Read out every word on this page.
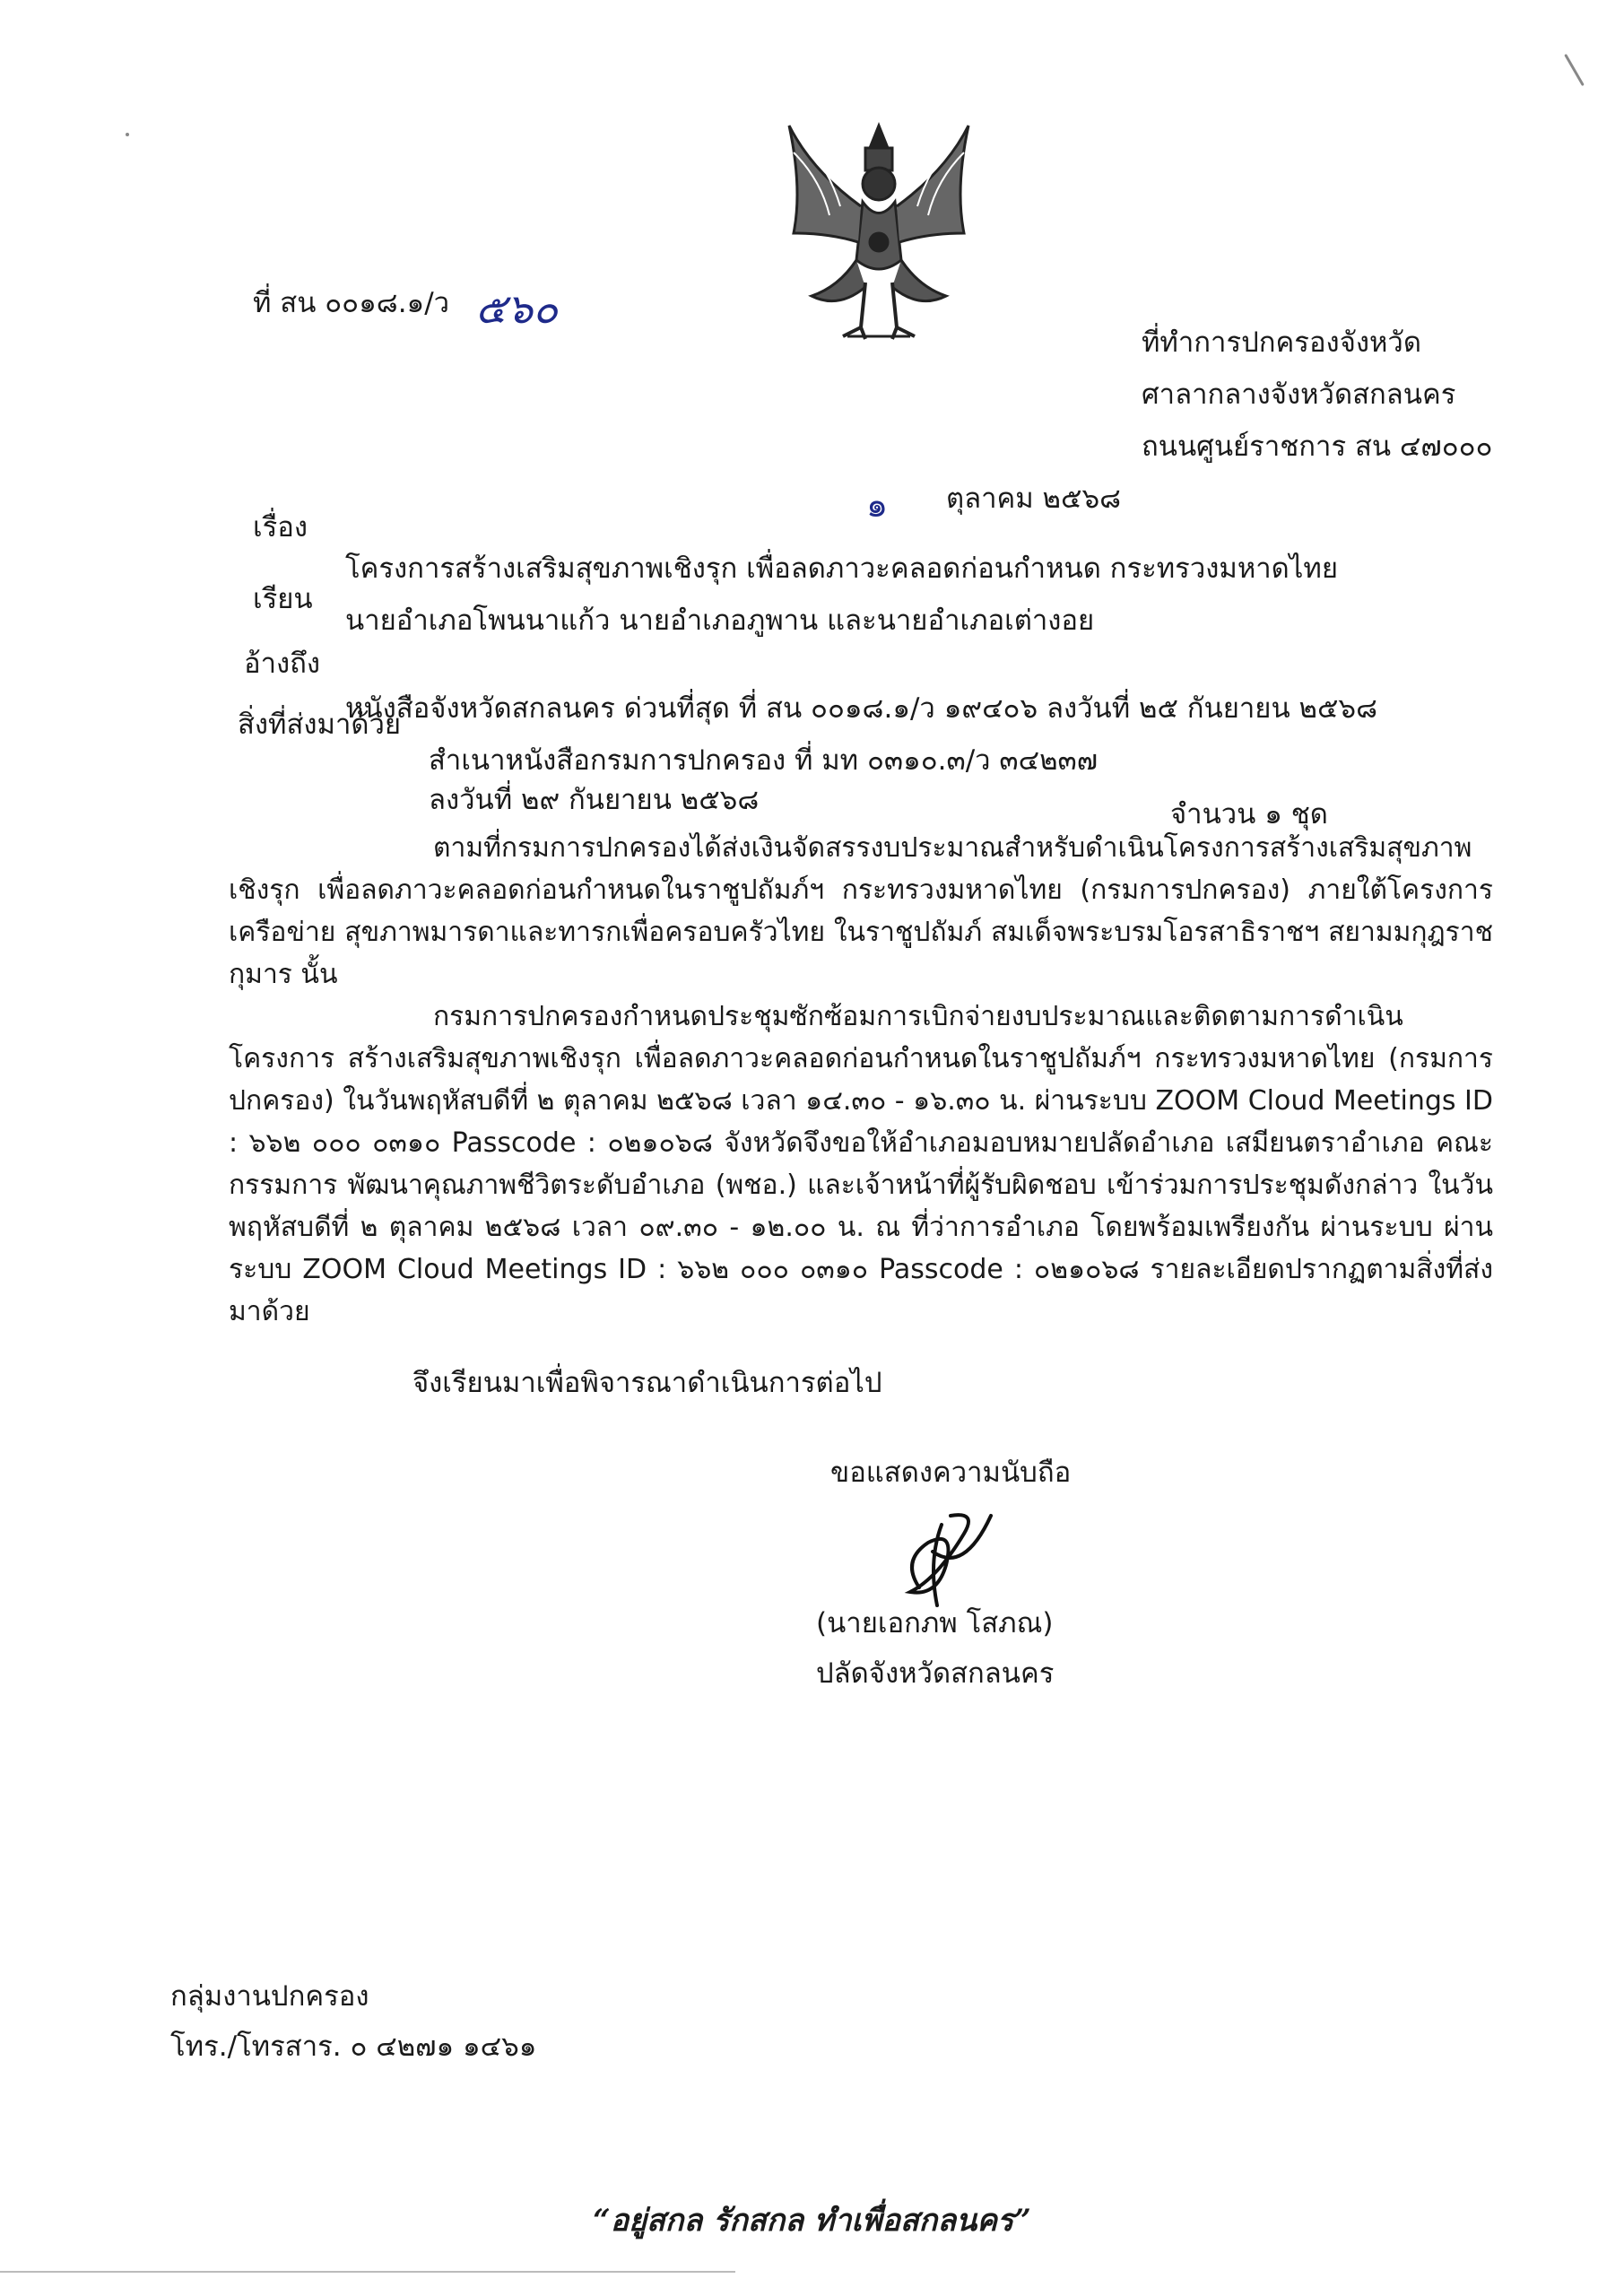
ที่ สน ๐๐๑๘.๑/ว ๕๖๐
ที่ทำการปกครองจังหวัด
ศาลากลางจังหวัดสกลนคร
ถนนศูนย์ราชการ สน ๔๗๐๐๐
๑ ตุลาคม ๒๕๖๘
เรื่อง
โครงการสร้างเสริมสุขภาพเชิงรุก เพื่อลดภาวะคลอดก่อนกำหนด กระทรวงมหาดไทย
เรียน
นายอำเภอโพนนาแก้ว นายอำเภอภูพาน และนายอำเภอเต่างอย
อ้างถึง
หนังสือจังหวัดสกลนคร ด่วนที่สุด ที่ สน ๐๐๑๘.๑/ว ๑๙๔๐๖ ลงวันที่ ๒๕ กันยายน ๒๕๖๘
สิ่งที่ส่งมาด้วย
สำเนาหนังสือกรมการปกครอง ที่ มท ๐๓๑๐.๓/ว ๓๔๒๓๗
ลงวันที่ ๒๙ กันยายน ๒๕๖๘	จำนวน ๑ ชุด
ตามที่กรมการปกครองได้ส่งเงินจัดสรรงบประมาณสำหรับดำเนินโครงการสร้างเสริมสุขภาพเชิงรุก เพื่อลดภาวะคลอดก่อนกำหนดในราชูปถัมภ์ฯ กระทรวงมหาดไทย (กรมการปกครอง) ภายใต้โครงการเครือข่าย สุขภาพมารดาและทารกเพื่อครอบครัวไทย ในราชูปถัมภ์ สมเด็จพระบรมโอรสาธิราชฯ สยามมกุฎราชกุมาร นั้น
กรมการปกครองกำหนดประชุมซักซ้อมการเบิกจ่ายงบประมาณและติดตามการดำเนินโครงการ สร้างเสริมสุขภาพเชิงรุก เพื่อลดภาวะคลอดก่อนกำหนดในราชูปถัมภ์ฯ กระทรวงมหาดไทย (กรมการปกครอง) ในวันพฤหัสบดีที่ ๒ ตุลาคม ๒๕๖๘ เวลา ๑๔.๓๐ - ๑๖.๓๐ น. ผ่านระบบ ZOOM Cloud Meetings ID : ๖๖๒ ๐๐๐ ๐๓๑๐ Passcode : ๐๒๑๐๖๘ จังหวัดจึงขอให้อำเภอมอบหมายปลัดอำเภอ เสมียนตราอำเภอ คณะกรรมการ พัฒนาคุณภาพชีวิตระดับอำเภอ (พชอ.) และเจ้าหน้าที่ผู้รับผิดชอบ เข้าร่วมการประชุมดังกล่าว ในวันพฤหัสบดีที่ ๒ ตุลาคม ๒๕๖๘ เวลา ๐๙.๓๐ - ๑๒.๐๐ น. ณ ที่ว่าการอำเภอ โดยพร้อมเพรียงกัน ผ่านระบบ ผ่านระบบ ZOOM Cloud Meetings ID : ๖๖๒ ๐๐๐ ๐๓๑๐ Passcode : ๐๒๑๐๖๘ รายละเอียดปรากฏตามสิ่งที่ส่งมาด้วย
จึงเรียนมาเพื่อพิจารณาดำเนินการต่อไป
ขอแสดงความนับถือ
(นายเอกภพ โสภณ)
ปลัดจังหวัดสกลนคร
กลุ่มงานปกครอง
โทร./โทรสาร. ๐ ๔๒๗๑ ๑๔๖๑
“อยู่สกล รักสกล ทำเพื่อสกลนคร”
